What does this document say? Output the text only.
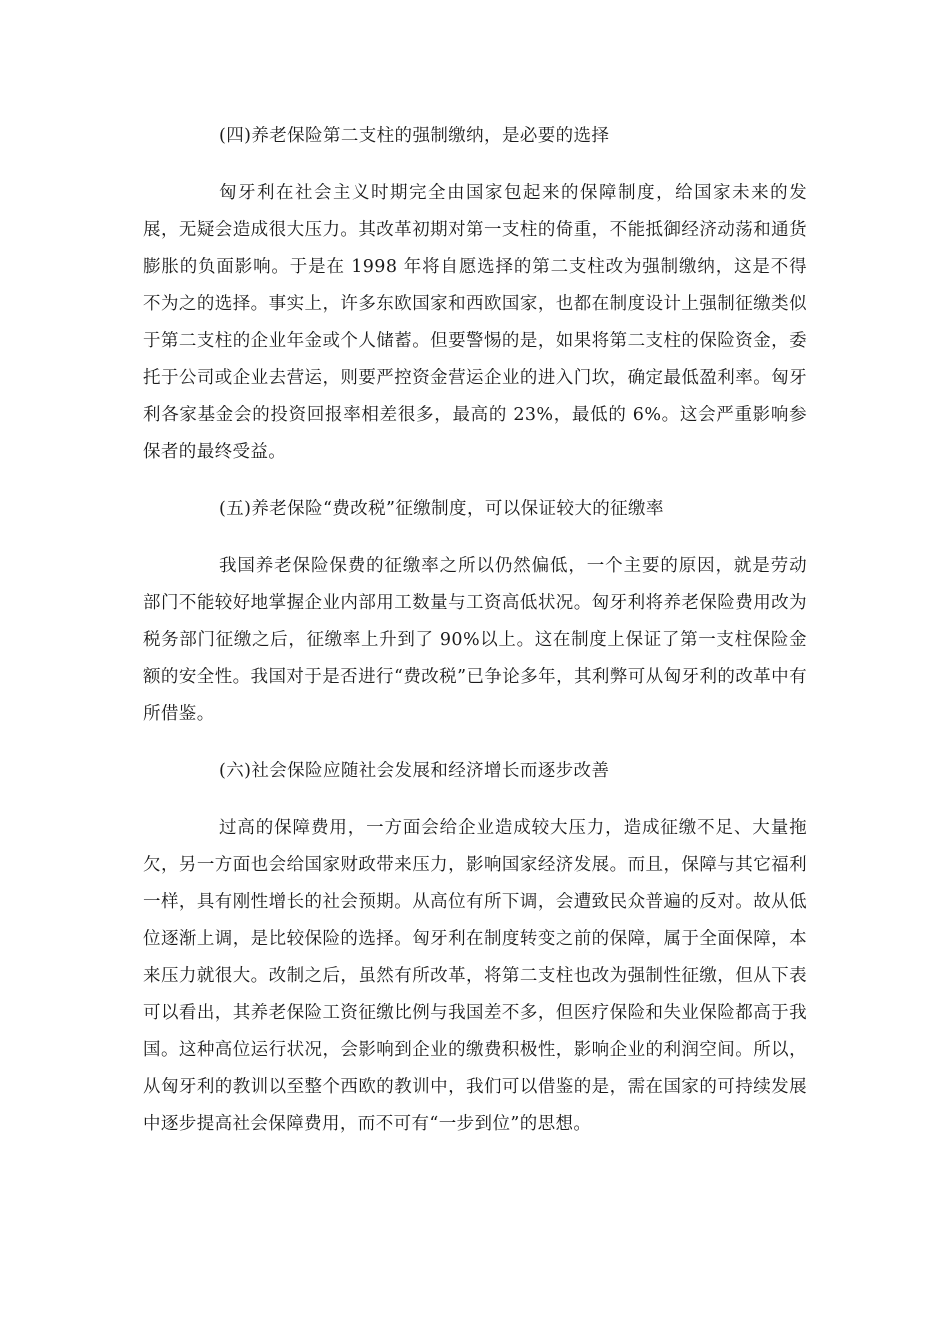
(四)养老保险第二支柱的强制缴纳，是必要的选择

匈牙利在社会主义时期完全由国家包起来的保障制度，给国家未来的发展，无疑会造成很大压力。其改革初期对第一支柱的倚重，不能抵御经济动荡和通货膨胀的负面影响。于是在 1998 年将自愿选择的第二支柱改为强制缴纳，这是不得不为之的选择。事实上，许多东欧国家和西欧国家，也都在制度设计上强制征缴类似于第二支柱的企业年金或个人储蓄。但要警惕的是，如果将第二支柱的保险资金，委托于公司或企业去营运，则要严控资金营运企业的进入门坎，确定最低盈利率。匈牙利各家基金会的投资回报率相差很多，最高的 23%，最低的 6%。这会严重影响参保者的最终受益。

(五)养老保险“费改税”征缴制度，可以保证较大的征缴率

我国养老保险保费的征缴率之所以仍然偏低，一个主要的原因，就是劳动部门不能较好地掌握企业内部用工数量与工资高低状况。匈牙利将养老保险费用改为税务部门征缴之后，征缴率上升到了 90%以上。这在制度上保证了第一支柱保险金额的安全性。我国对于是否进行“费改税”已争论多年，其利弊可从匈牙利的改革中有所借鉴。

(六)社会保险应随社会发展和经济增长而逐步改善

过高的保障费用，一方面会给企业造成较大压力，造成征缴不足、大量拖欠，另一方面也会给国家财政带来压力，影响国家经济发展。而且，保障与其它福利一样，具有刚性增长的社会预期。从高位有所下调，会遭致民众普遍的反对。故从低位逐渐上调，是比较保险的选择。匈牙利在制度转变之前的保障，属于全面保障，本来压力就很大。改制之后，虽然有所改革，将第二支柱也改为强制性征缴，但从下表可以看出，其养老保险工资征缴比例与我国差不多，但医疗保险和失业保险都高于我国。这种高位运行状况，会影响到企业的缴费积极性，影响企业的利润空间。所以，从匈牙利的教训以至整个西欧的教训中，我们可以借鉴的是，需在国家的可持续发展中逐步提高社会保障费用，而不可有“一步到位”的思想。
